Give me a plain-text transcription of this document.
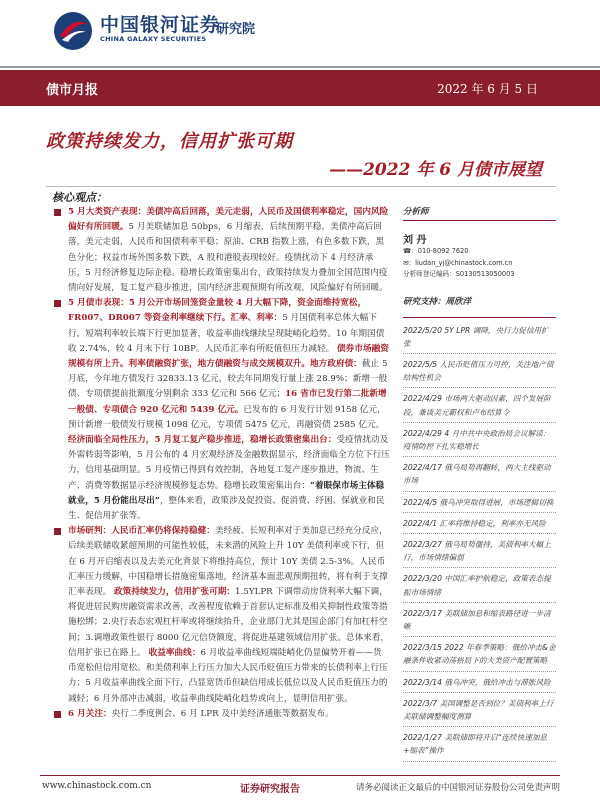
中国银河证券
CHINA GALAXY SECURITIES
研究院
债市月报	2022 年 6 月 5 日
政策持续发力，信用扩张可期
——2022 年 6 月债市展望
核心观点：
5 月大类资产表现：美债冲高后回落，美元走弱，人民币及国债利率稳定，国内风险偏好有所回暖。5 月美联储加息 50bps，6 月缩表，后续预期平稳，美债冲高后回落，美元走弱，人民币和国债利率平稳；原油、CRB 指数上涨，有色多数下跌，黑色分化；权益市场外围多数下跌，A 股和港股表现较好。疫情扰动下 4 月经济承压，5 月经济修复边际企稳。稳增长政策密集出台，政策持续发力叠加全国范围内疫情向好发展，复工复产稳步推进，国内经济悲观预期有所改观，风险偏好有所回暖。
5 月债市表现：5 月公开市场回笼资金量较 4 月大幅下降，资金面维持宽松，FR007、DR007 等资金利率继续下行。汇率、利率：5 月国债利率总体大幅下行，短端利率较长端下行更加显著，收益率曲线继续呈现陡峭化趋势。10 年期国债收 2.74%，较 4 月末下行 10BP。人民币汇率有所贬值但压力减轻。 债券市场融资规模有所上升。利率债融资扩张，地方债融资与成交规模双升。地方政府债：截止 5 月底，今年地方债发行 32833.13 亿元，较去年同期发行量上涨 28.9%；新增一般债、专项债提前批额度分别剩余 333 亿元和 566 亿元；16 省市已发行第二批新增一般债、专项债合 920 亿元和 5439 亿元。已发布的 6 月发行计划 9158 亿元，预计新增一般债发行规模 1098 亿元，专项债 5475 亿元，再融资债 2585 亿元。
经济面临全局性压力，5 月复工复产稳步推进，稳增长政策密集出台：受疫情扰动及外需转弱等影响，5 月公布的 4 月宏观经济及金融数据显示，经济面临全方位下行压力，信用基础明显。5 月疫情已得到有效控制，各地复工复产逐步推进，物流、生产、消费等数据显示经济规模修复态势。稳增长政策密集出台：“着眼保市场主体稳就业，5 月份能出尽出”，整体来看，政策涉及促投资、促消费、纾困、保就业和民生、促信用扩张等。
市场研判：人民币汇率仍将保持稳健：美经疲、长短利率对于美加息已经充分反应，后续美联储收紧超预期的可能性较低，未来潜的风险上升 10Y 美债利率或下行，但在 6 月开启缩表以及去美元化背景下将维持高位，预计 10Y 美债 2.5-3%。人民币汇率压力缓解，中国稳增长措施密集落地，经济基本面悲观预期扭转，将有利于支撑汇率表现。 政策持续发力，信用扩张可期：1.5YLPR 下调带动房贷利率大幅下调，将促进居民购房融资需求改善，改善程度依赖于首套认定标准及相关抑制性政策等措施松绑；2.央行表态宏观杠杆率或将继续抬升，企业部门尤其是国企部门有加杠杆空间；3.调增政策性银行 8000 亿元信贷额度，将促进基建领域信用扩张。总体来看，信用扩张已在路上。 收益率曲线：6 月收益率曲线短端陡峭化仍显偏势开着——货币宽松但信用宽松。和美债利率上行压力加大人民币贬值压力带来的长债利率上行压力；5 月收益率曲线全面下行，凸显宽货币但缺信用成长低位以及人民币贬值压力的减轻；6 月外部冲击减弱，收益率曲线陡峭化趋势或向上，显明信用扩张。
6 月关注：央行二季度例会、6 月 LPR 及中美经济通胀等数据发布。
分析师
刘 丹
☎：010-8092 7620
✉：liudan_yj@chinastock.com.cn
分析师登记编码：S0130513050003
研究支持：周欣洋
2022/5/20 5Y LPR 调降，央行力促信用扩张
2022/5/5 人民币贬值压力可控，关注地产债结构性机会
2022/4/29 市场两大驱动因素，四个发展阶段，兼谈美元霸权和卢布结算令
2022/4/29 4 月中共中央政治局会议解读：疫情防控下扎实稳增长
2022/4/17 俄乌局势再翻转，两大主线驱动市场
2022/4/5 俄乌冲突取得进展，市场逻辑切换
2022/4/1 汇率将维持稳定，利率亦无风险
2022/3/27 俄乌局势僵持，美债利率大幅上行，市场情绪偏弱
2022/3/20 中国汇率护航稳定，政策表态提振市场情绪
2022/3/17 美联储加息和缩表路径进一步清晰
2022/3/15 2022 年春季策略：俄给冲击&金融条件收紧动荡格局下的大类资产配置策略
2022/3/14 俄乌冲突，俄给冲击与滞胀风险
2022/3/7 美国调整是否到位？美债利率上行美联储调整幅度测算
2022/1/27 美联储即将开启“连续快速加息+缩表”操作
www.chinastock.com.cn	证券研究报告	请务必阅读正文最后的中国银河证券股份公司免责声明
